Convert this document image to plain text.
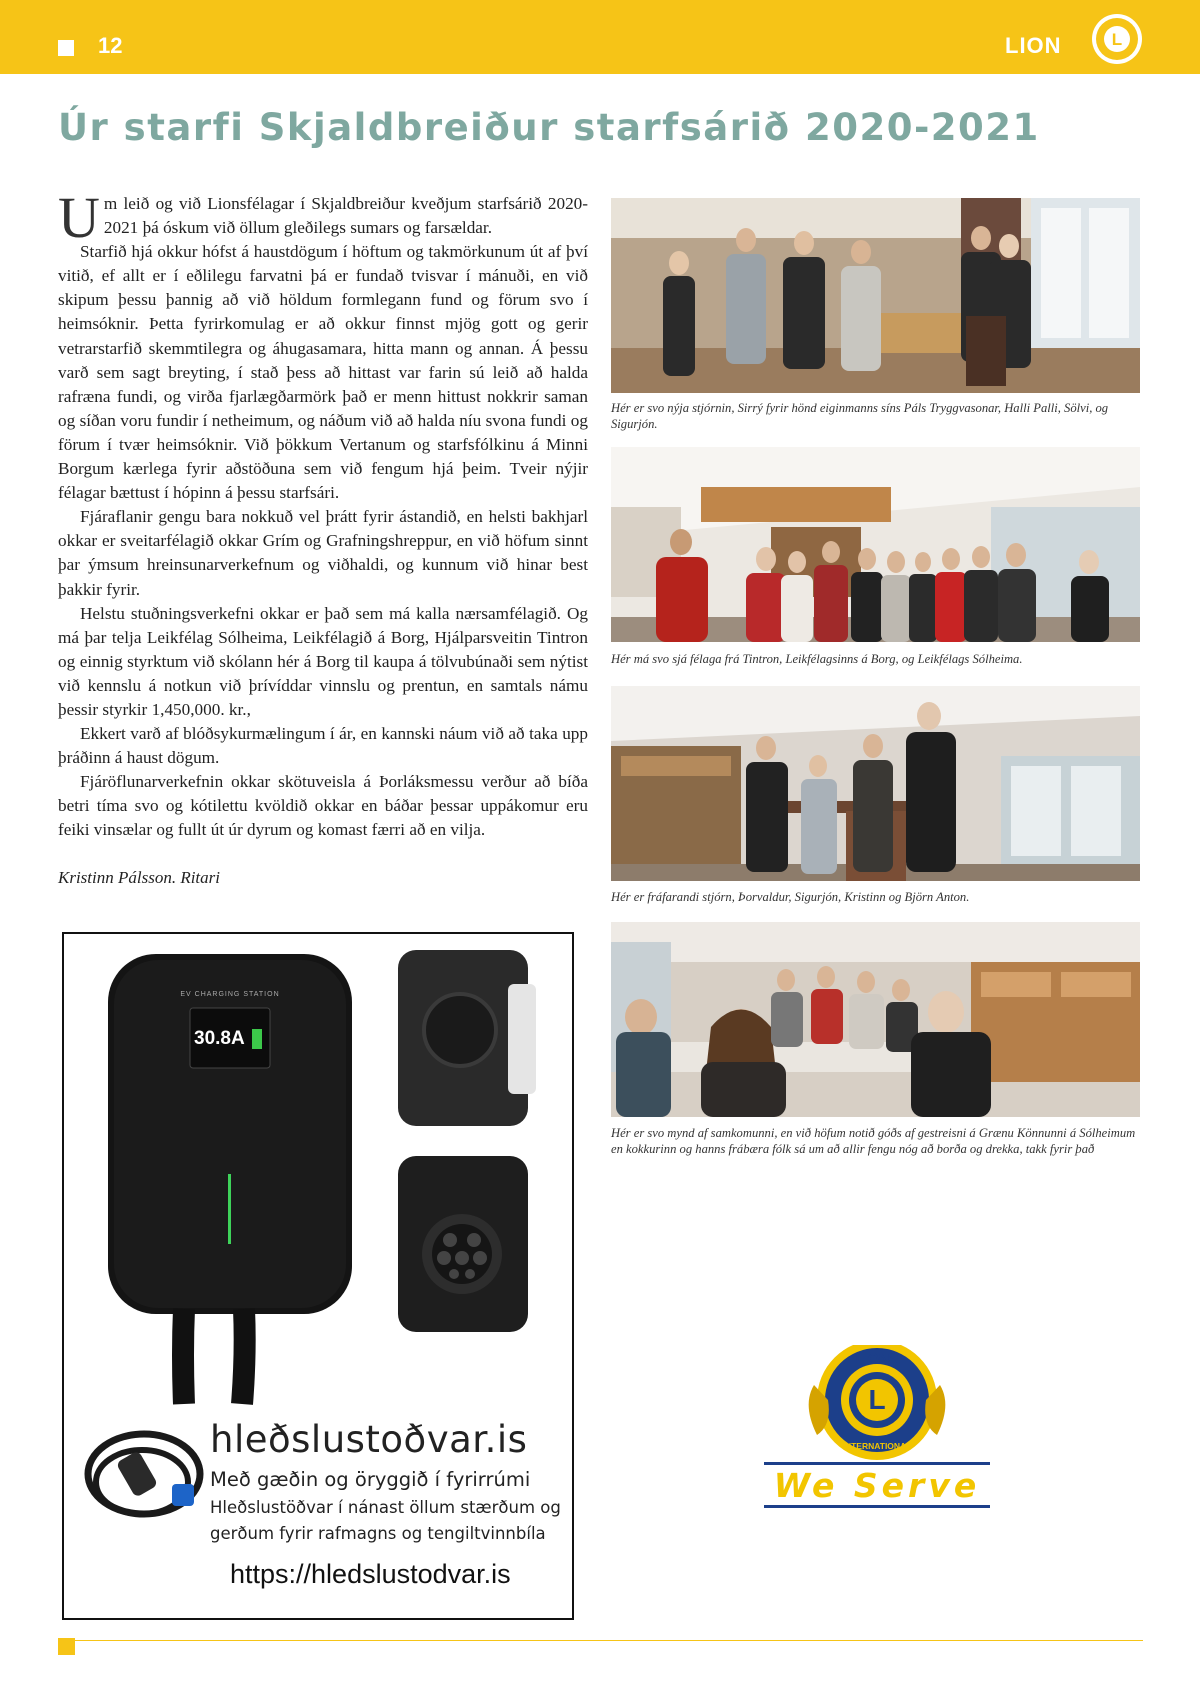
12	LION	L
Úr starfi Skjaldbreiður starfsárið 2020-2021

Um leið og við Lionsfélagar í Skjaldbreiður kveðjum starfsárið 2020-2021 þá óskum við öllum gleðilegs sumars og farsældar.

Starfið hjá okkur hófst á haustdögum í höftum og takmörkunum út af því vitið, ef allt er í eðlilegu farvatni þá er fundað tvisvar í mánuði, en við skipum þessu þannig að við höldum formlegann fund og förum svo í heimsóknir. Þetta fyrirkomulag er að okkur finnst mjög gott og gerir vetrarstarfið skemmtilegra og áhugasamara, hitta mann og annan. Á þessu varð sem sagt breyting, í stað þess að hittast var farin sú leið að halda rafræna fundi, og virða fjarlægðarmörk það er menn hittust nokkrir saman og síðan voru fundir í netheimum, og náðum við að halda níu svona fundi og förum í tvær heimsóknir. Við þökkum Vertanum og starfsfólkinu á Minni Borgum kærlega fyrir aðstöðuna sem við fengum hjá þeim. Tveir nýjir félagar bættust í hópinn á þessu starfsári.

Fjáraflanir gengu bara nokkuð vel þrátt fyrir ástandið, en helsti bakhjarl okkar er sveitarfélagið okkar Grím og Grafningshreppur, en við höfum sinnt þar ýmsum hreinsunarverkefnum og viðhaldi, og kunnum við hinar best þakkir fyrir.

Helstu stuðningsverkefni okkar er það sem má kalla nærsamfélagið. Og má þar telja Leikfélag Sólheima, Leikfélagið á Borg, Hjálparsveitin Tintron og einnig styrktum við skólann hér á Borg til kaupa á tölvubúnaði sem nýtist við kennslu á notkun við þrívíddar vinnslu og prentun, en samtals námu þessir styrkir 1,450,000. kr.,

Ekkert varð af blóðsykurmælingum í ár, en kannski náum við að taka upp þráðinn á haust dögum.

Fjáröflunarverkefnin okkar skötuveisla á Þorláksmessu verður að bíða betri tíma svo og kótilettu kvöldið okkar en báðar þessar uppákomur eru feiki vinsælar og fullt út úr dyrum og komast færri að en vilja.

Kristinn Pálsson. Ritari
Hér er svo nýja stjórnin, Sirrý fyrir hönd eiginmanns síns Páls Tryggvasonar, Halli Palli, Sölvi, og Sigurjón.
Hér má svo sjá félaga frá Tintron, Leikfélagsinns á Borg, og Leikfélags Sólheima.
Hér er fráfarandi stjórn, Þorvaldur, Sigurjón, Kristinn og Björn Anton.
Hér er svo mynd af samkomunni, en við höfum notið góðs af gestreisni á Grænu Könnunni á Sólheimum en kokkurinn og hanns frábæra fólk sá um að allir fengu nóg að borða og drekka, takk fyrir það
EV CHARGING STATION
30.8A
hleðslustoðvar.is
Með gæðin og öryggið í fyrirrúmi
Hleðslustöðvar í nánast öllum stærðum og
gerðum fyrir rafmagns og tengiltvinnbíla
https://hledslustodvar.is
LIONS
L
INTERNATIONAL
We Serve
